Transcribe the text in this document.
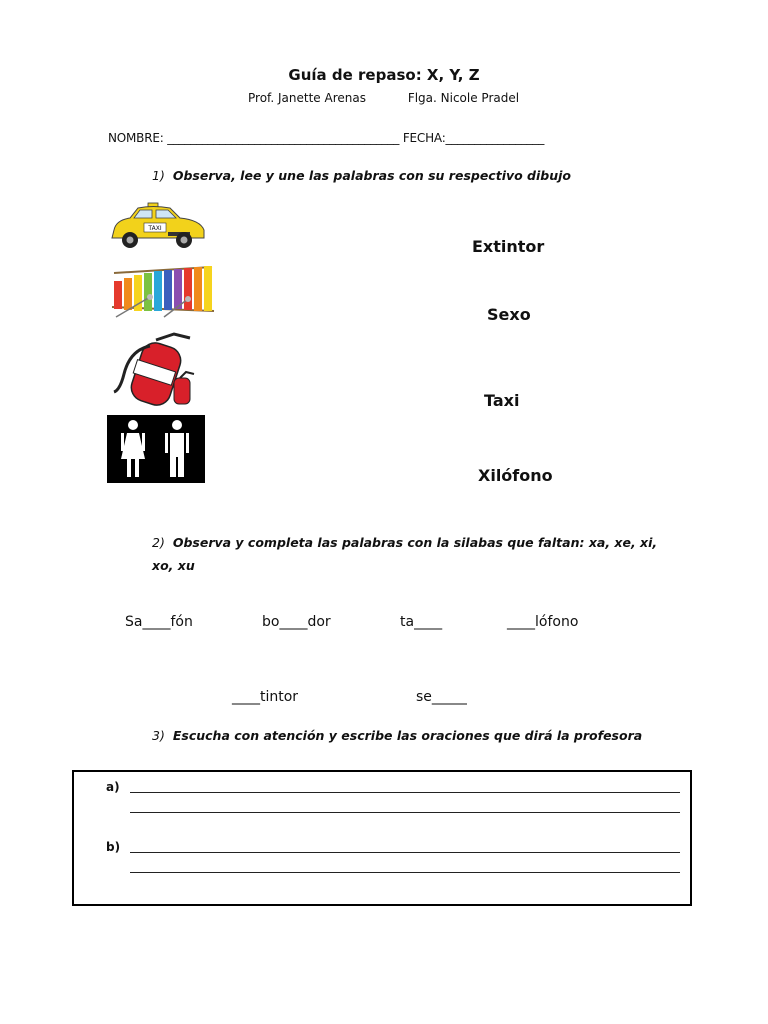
Guía de repaso: X, Y, Z
Prof. Janette Arenas	Flga. Nicole Pradel
NOMBRE: ________________________________________ FECHA:_________________
1) Observa, lee y une las palabras con su respectivo dibujo
TAXI
Extintor
Sexo
Taxi
Xilófono
2) Observa y completa las palabras con la silabas que faltan: xa, xe, xi, xo, xu
Sa____fón	bo____dor	ta____	____lófono
____tintor	se_____
3) Escucha con atención y escribe las oraciones que dirá la profesora
a)
b)
